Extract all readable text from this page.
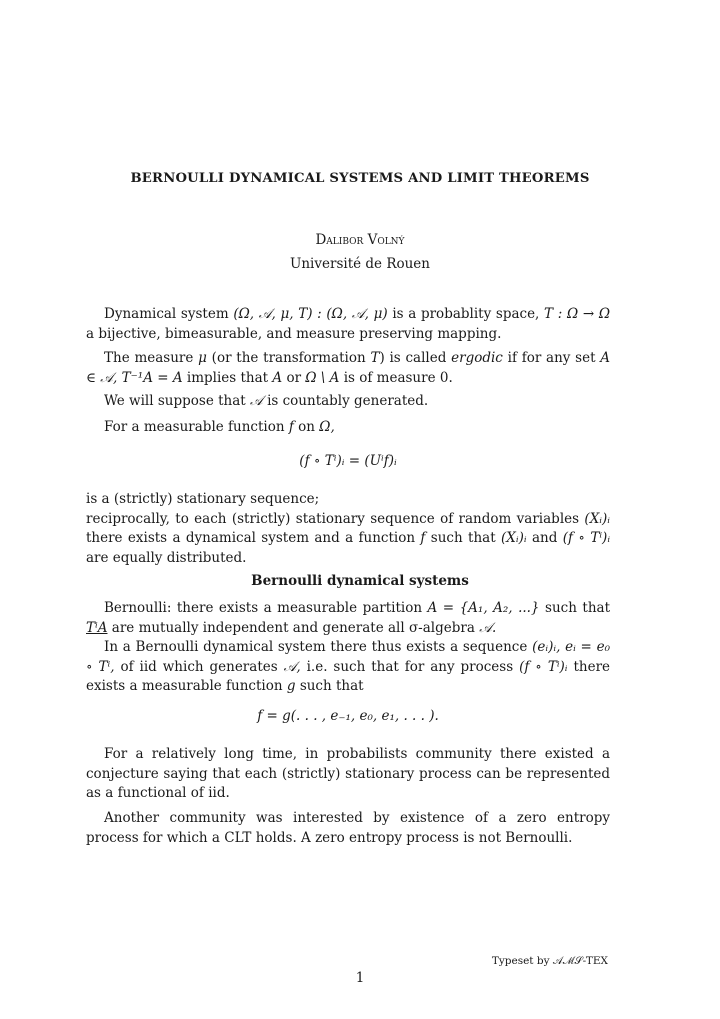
BERNOULLI DYNAMICAL SYSTEMS AND LIMIT THEOREMS
Dalibor Volný
Université de Rouen
Dynamical system (Ω, 𝒜, μ, T) : (Ω, 𝒜, μ) is a probablity space, T : Ω → Ω a bijective, bimeasurable, and measure preserving mapping.
The measure μ (or the transformation T) is called ergodic if for any set A ∈ 𝒜, T⁻¹A = A implies that A or Ω \ A is of measure 0.
We will suppose that 𝒜 is countably generated.
For a measurable function f on Ω,
(f ∘ Tⁱ)ᵢ = (Uⁱf)ᵢ
is a (strictly) stationary sequence;
reciprocally, to each (strictly) stationary sequence of random variables (Xᵢ)ᵢ there exists a dynamical system and a function f such that (Xᵢ)ᵢ and (f ∘ Tⁱ)ᵢ are equally distributed.
Bernoulli dynamical systems
Bernoulli: there exists a measurable partition A = {A₁, A₂, ...} such that TⁱA are mutually independent and generate all σ-algebra 𝒜.
In a Bernoulli dynamical system there thus exists a sequence (eᵢ)ᵢ, eᵢ = e₀ ∘ Tⁱ, of iid which generates 𝒜, i.e. such that for any process (f ∘ Tⁱ)ᵢ there exists a measurable function g such that
f = g(. . . , e₋₁, e₀, e₁, . . . ).
For a relatively long time, in probabilists community there existed a conjecture saying that each (strictly) stationary process can be represented as a functional of iid.
Another community was interested by existence of a zero entropy process for which a CLT holds. A zero entropy process is not Bernoulli.
Typeset by 𝒜ℳ𝒮-TEX
1
